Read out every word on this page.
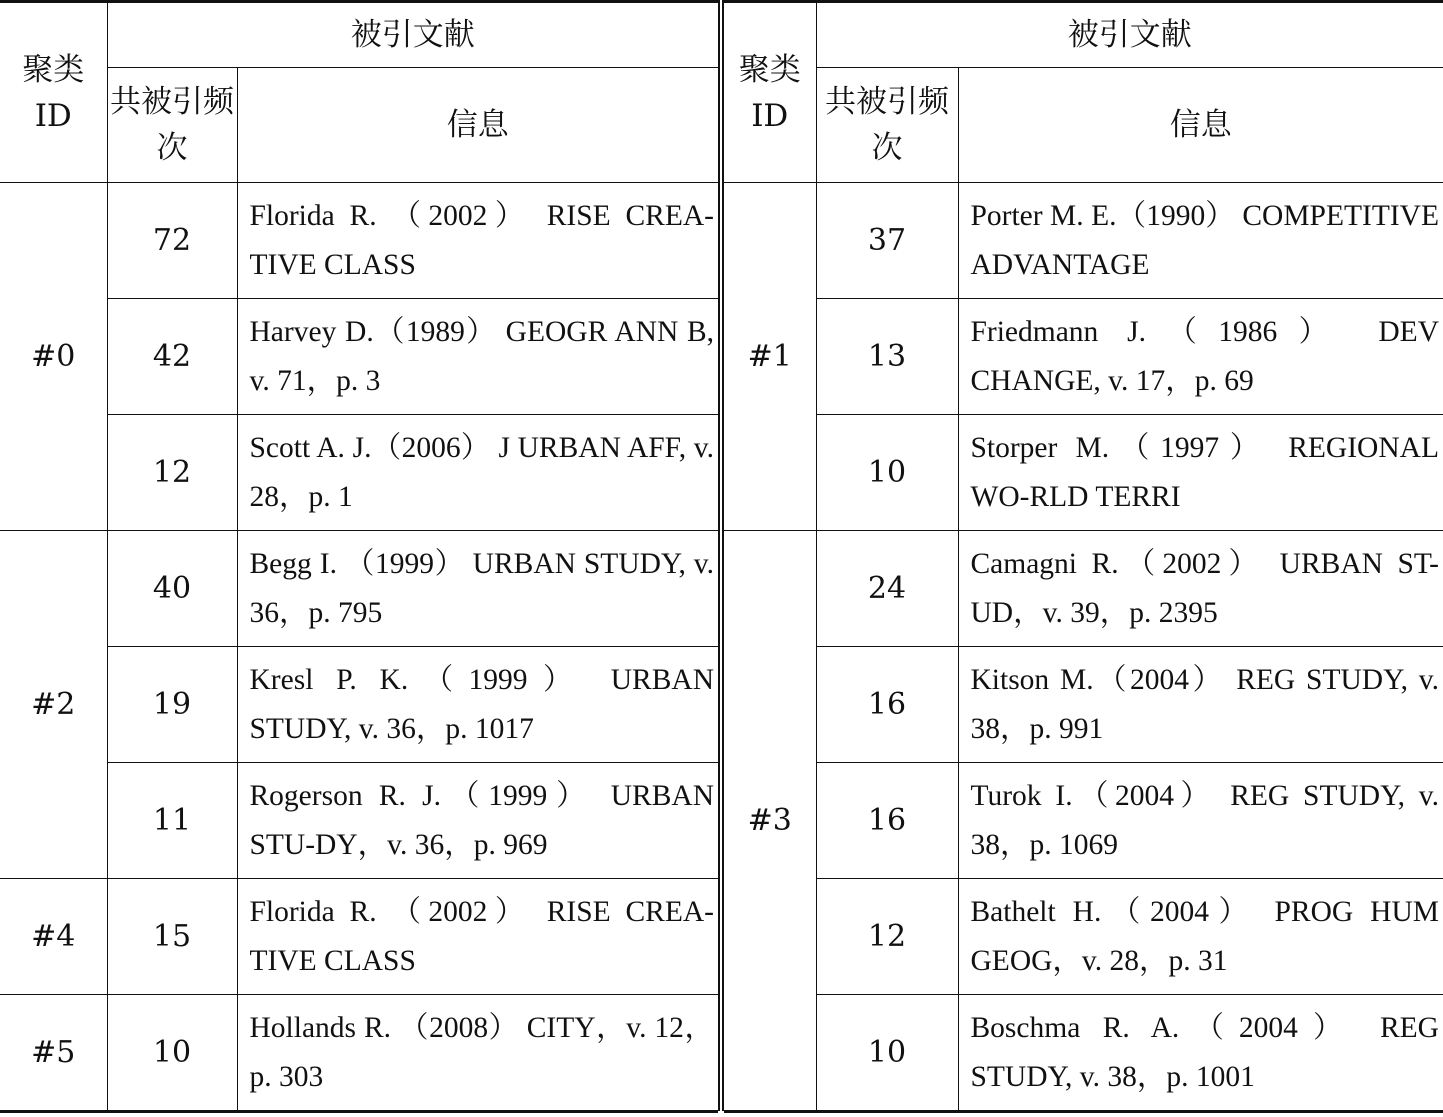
聚类 ID	被引文献	
	共被引频次	信息
#0	72	Florida R. （2002） RISE CREA-TIVE CLASS
	42	Harvey D.（1989） GEOGR ANN B, v. 71，p. 3
	12	Scott A. J.（2006） J URBAN AFF, v. 28，p. 1
#2	40	Begg I. （1999） URBAN STUDY, v. 36，p. 795
	19	Kresl P. K.（1999） URBAN STUDY, v. 36，p. 1017
	11	Rogerson R. J.（1999） URBAN STU-DY，v. 36，p. 969
#4	15	Florida R. （2002） RISE CREA-TIVE CLASS
#5	10	Hollands R. （2008） CITY，v. 12，p. 303
聚类 ID	被引文献	
	共被引频次	信息
#1	37	Porter M. E.（1990） COMPETITIVE ADVANTAGE
	13	Friedmann J.（1986） DEV CHANGE, v. 17，p. 69
	10	Storper M.（1997） REGIONAL WO-RLD TERRI
#3	24	Camagni R.（2002） URBAN ST-UD，v. 39，p. 2395
	16	Kitson M.（2004） REG STUDY, v. 38，p. 991
	16	Turok I.（2004） REG STUDY, v. 38，p. 1069
	12	Bathelt H.（2004） PROG HUM GEOG，v. 28，p. 31
	10	Boschma R. A.（2004） REG STUDY, v. 38，p. 1001
